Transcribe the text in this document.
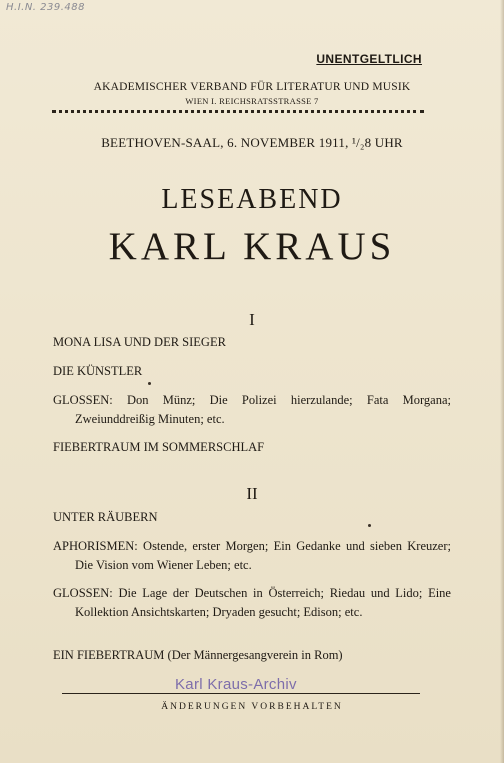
H.I.N. 239.488
UNENTGELTLICH
AKADEMISCHER VERBAND FÜR LITERATUR UND MUSIK
WIEN I. REICHSRATSSTRASSE 7
BEETHOVEN-SAAL, 6. NOVEMBER 1911, ¹/₂8 UHR
LESEABEND
KARL KRAUS
I
MONA LISA UND DER SIEGER
DIE KÜNSTLER
GLOSSEN: Don Münz; Die Polizei hierzulande; Fata Morgana; Zweiunddreißig Minuten; etc.
FIEBERTRAUM IM SOMMERSCHLAF
II
UNTER RÄUBERN
APHORISMEN: Ostende, erster Morgen; Ein Gedanke und sieben Kreuzer; Die Vision vom Wiener Leben; etc.
GLOSSEN: Die Lage der Deutschen in Österreich; Riedau und Lido; Eine Kollektion Ansichtskarten; Dryaden gesucht; Edison; etc.
EIN FIEBERTRAUM (Der Männergesangverein in Rom)
Karl Kraus-Archiv
ÄNDERUNGEN VORBEHALTEN
